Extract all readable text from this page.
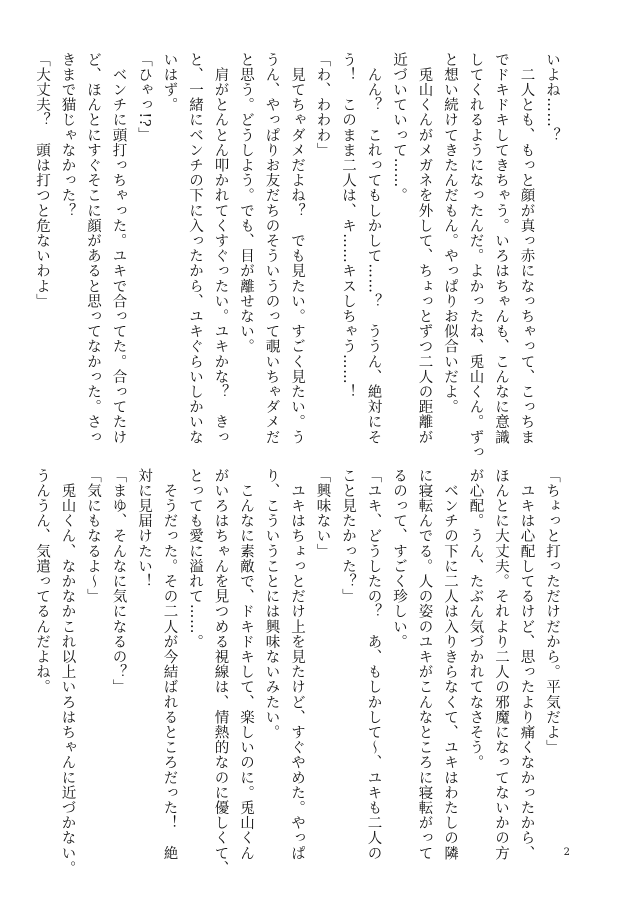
いよね……？
　二人とも、もっと顔が真っ赤になっちゃって、こっちま
でドキドキしてきちゃう。いろはちゃんも、こんなに意識
してくれるようになったんだ。よかったね、兎山くん。ずっ
と想い続けてきたんだもん。やっぱりお似合いだよ。
　兎山くんがメガネを外して、ちょっとずつ二人の距離が
近づいていって……。
　んん？　これってもしかして……？　ううん、絶対にそ
う！　このまま二人は、キ……キスしちゃう……！
「わ、わわわ」
　見てちゃダメだよね？　でも見たい。すごく見たい。う
うん、やっぱりお友だちのそういうのって覗いちゃダメだ
と思う。どうしよう。でも、目が離せない。
　肩がとんとん叩かれてくすぐったい。ユキかな？　きっ
と、一緒にベンチの下に入ったから、ユキぐらいしかいな
いはず。
「ひゃっ!?」
　ベンチに頭打っちゃった。ユキで合ってた。合ってたけ
ど、ほんとにすぐそこに顔があると思ってなかった。さっ
きまで猫じゃなかった？
「大丈夫？　頭は打つと危ないわよ」
「ちょっと打っただけだから。平気だよ」
　ユキは心配してるけど、思ったより痛くなかったから、
ほんとに大丈夫。それより二人の邪魔になってないかの方
が心配。うん、たぶん気づかれてなさそう。
　ベンチの下に二人は入りきらなくて、ユキはわたしの隣
に寝転んでる。人の姿のユキがこんなところに寝転がって
るのって、すごく珍しい。
「ユキ、どうしたの？　あ、もしかして～、ユキも二人の
こと見たかった？」
「興味ない」
　ユキはちょっとだけ上を見たけど、すぐやめた。やっぱ
り、こういうことには興味ないみたい。
　こんなに素敵で、ドキドキして、楽しいのに。兎山くん
がいろはちゃんを見つめる視線は、情熱的なのに優しくて、
とっても愛に溢れて……。
　そうだった。その二人が今結ばれるところだった！　絶
対に見届けたい！
「まゆ、そんなに気になるの？」
「気にもなるよ～」
　兎山くん、なかなかこれ以上いろはちゃんに近づかない。
うんうん、気遣ってるんだよね。
2
